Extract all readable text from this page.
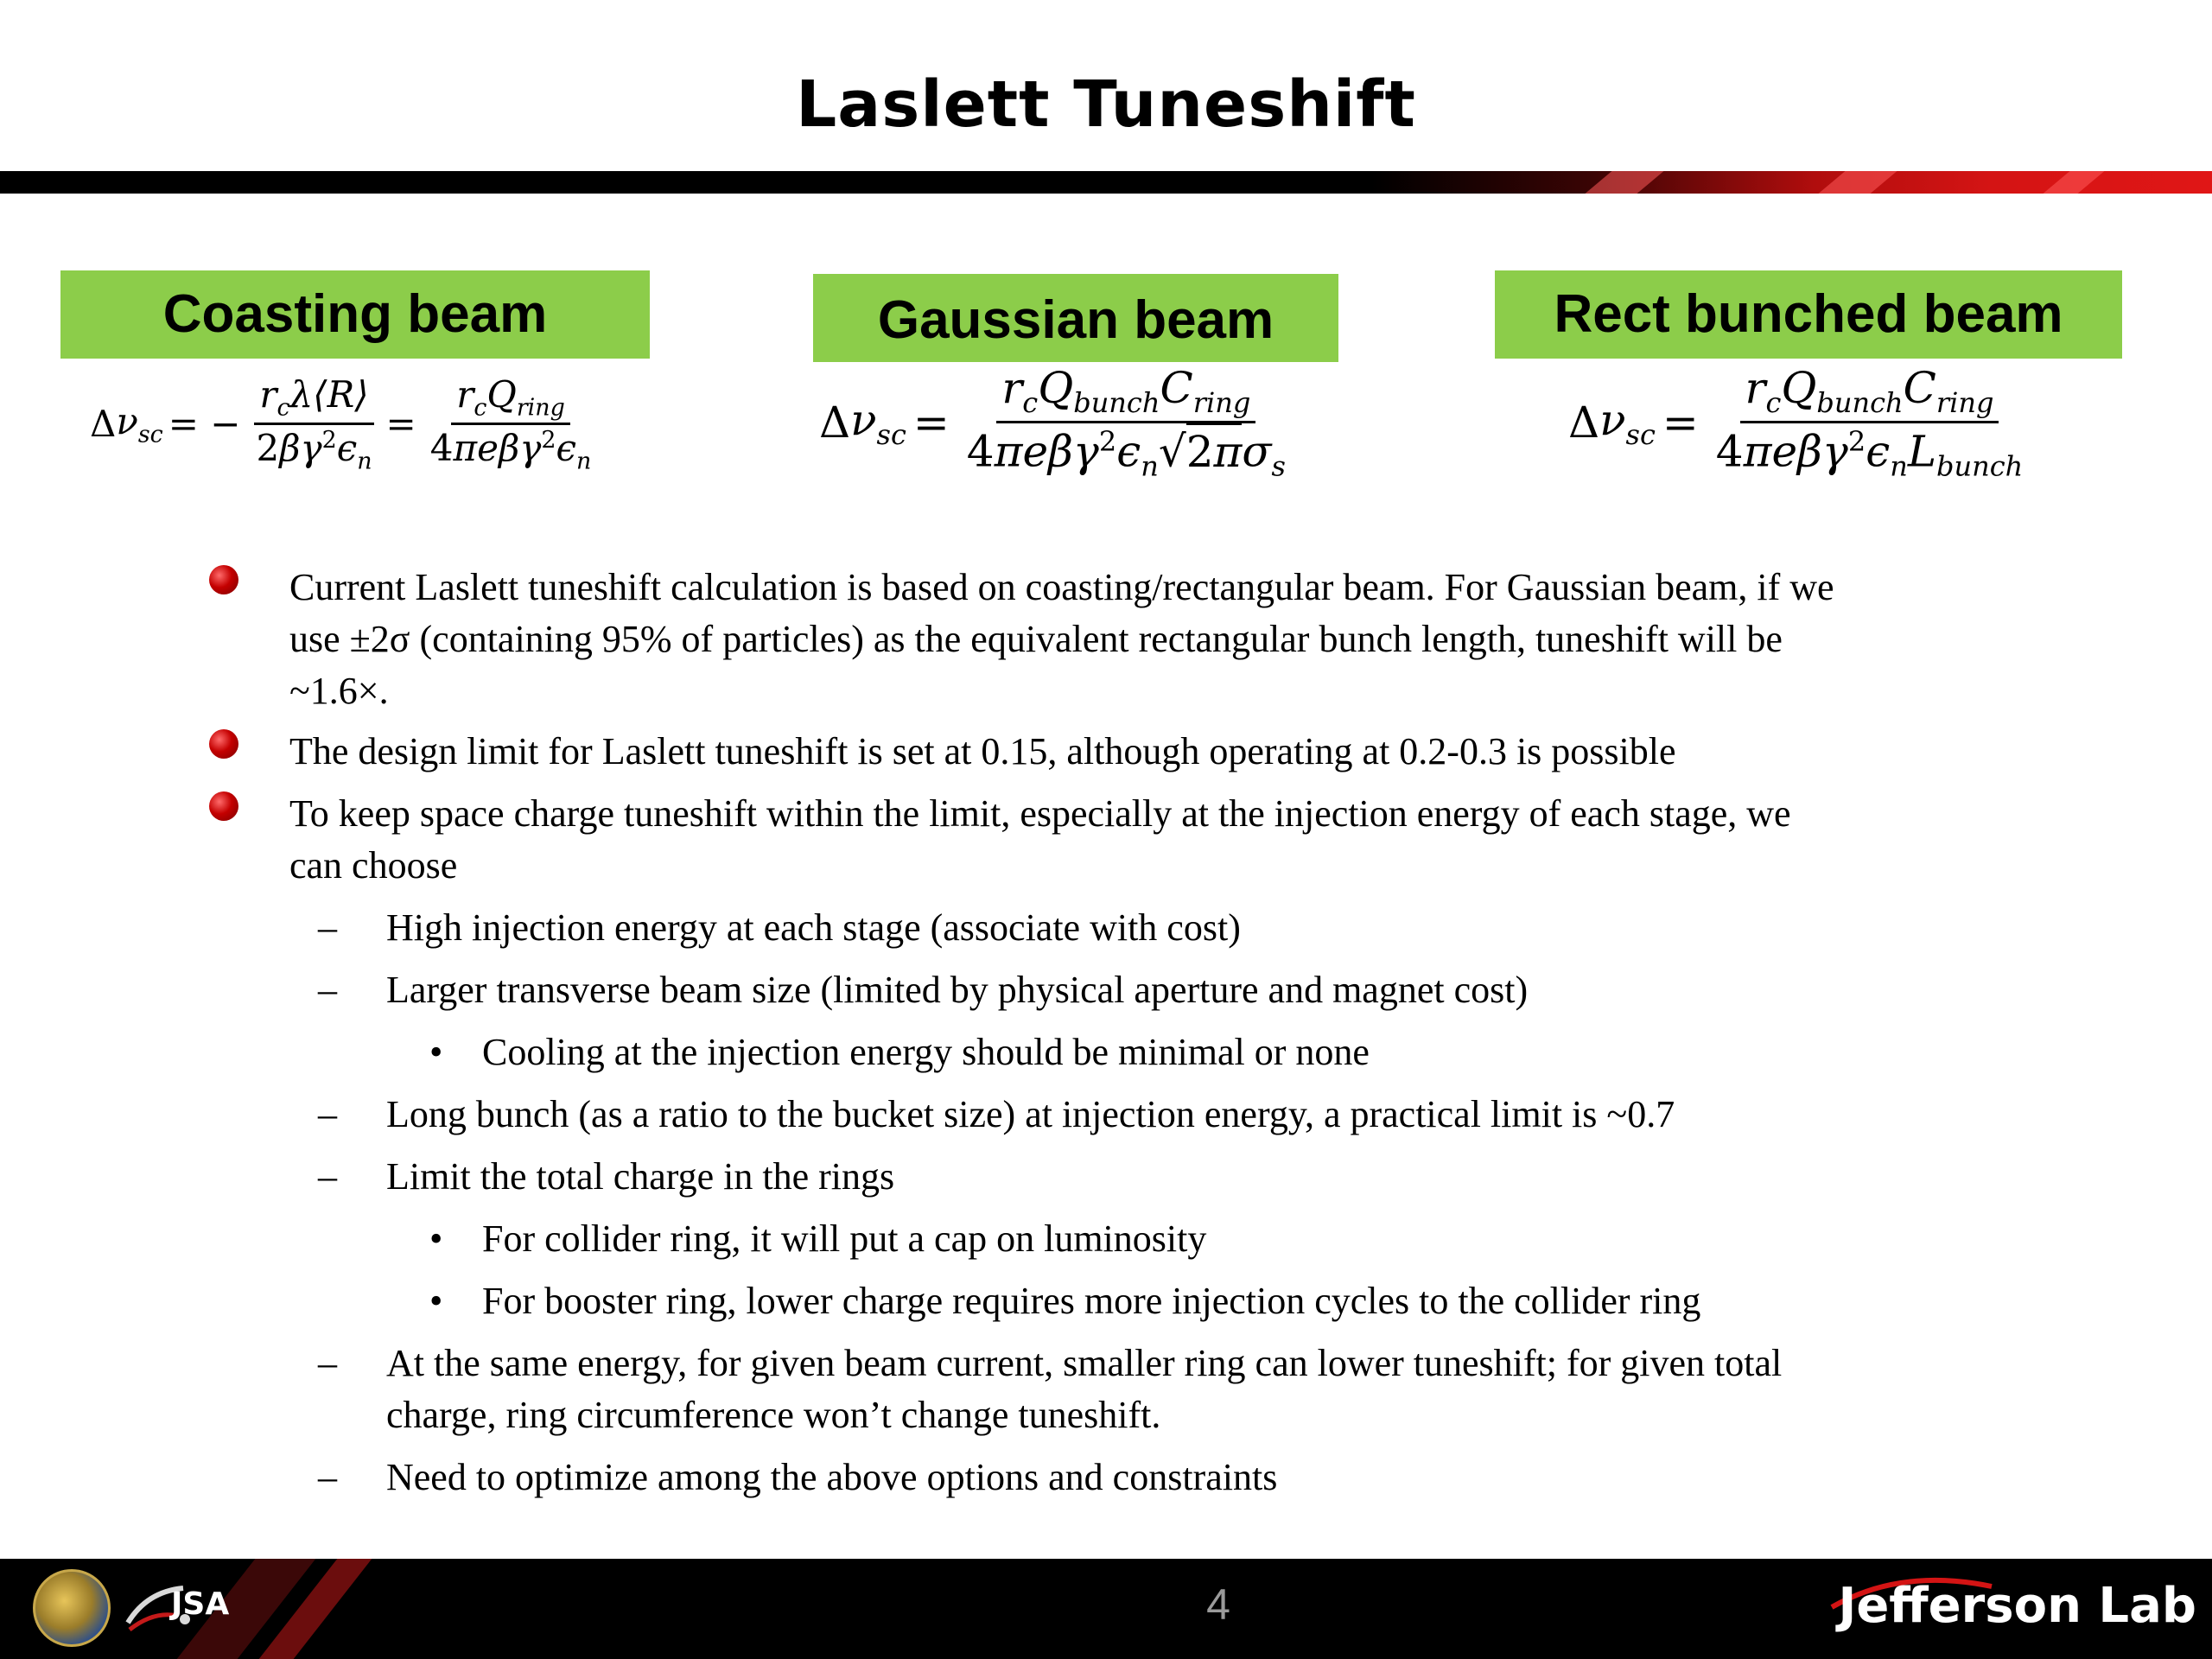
Laslett Tuneshift
Coasting beam	Gaussian beam	Rect bunched beam
Δ $\nu_{sc}$ = − $\frac{r_c\lambda⟨R⟩}{2\beta\gamma^2\epsilon_n} = \frac{r_cQ_{ring}}{4\pi e\beta\gamma^2\epsilon_n}$	Δ $\nu_{sc} = \frac{r_cQ_{bunch}C_{ring}}{4\pi e\beta\gamma^2\epsilon_n√2\pi\sigma_s}$	Δ $\nu_{sc} = \frac{r_cQ_{bunch}C_{ring}}{4\pi e\beta\gamma^2\epsilon_nL_{bunch}}$
Current Laslett tuneshift calculation is based on coasting/rectangular beam. For Gaussian beam, if we
use ±2σ (containing 95% of particles) as the equivalent rectangular bunch length, tuneshift will be
~1.6×.
The design limit for Laslett tuneshift is set at 0.15, although operating at 0.2-0.3 is possible
To keep space charge tuneshift within the limit, especially at the injection energy of each stage, we
can choose
– High injection energy at each stage (associate with cost)
– Larger transverse beam size (limited by physical aperture and magnet cost)
• Cooling at the injection energy should be minimal or none
– Long bunch (as a ratio to the bucket size) at injection energy, a practical limit is ~0.7
– Limit the total charge in the rings
• For collider ring, it will put a cap on luminosity
• For booster ring, lower charge requires more injection cycles to the collider ring
– At the same energy, for given beam current, smaller ring can lower tuneshift; for given total
charge, ring circumference won’t change tuneshift.
– Need to optimize among the above options and constraints
JSA	4	Jefferson Lab
